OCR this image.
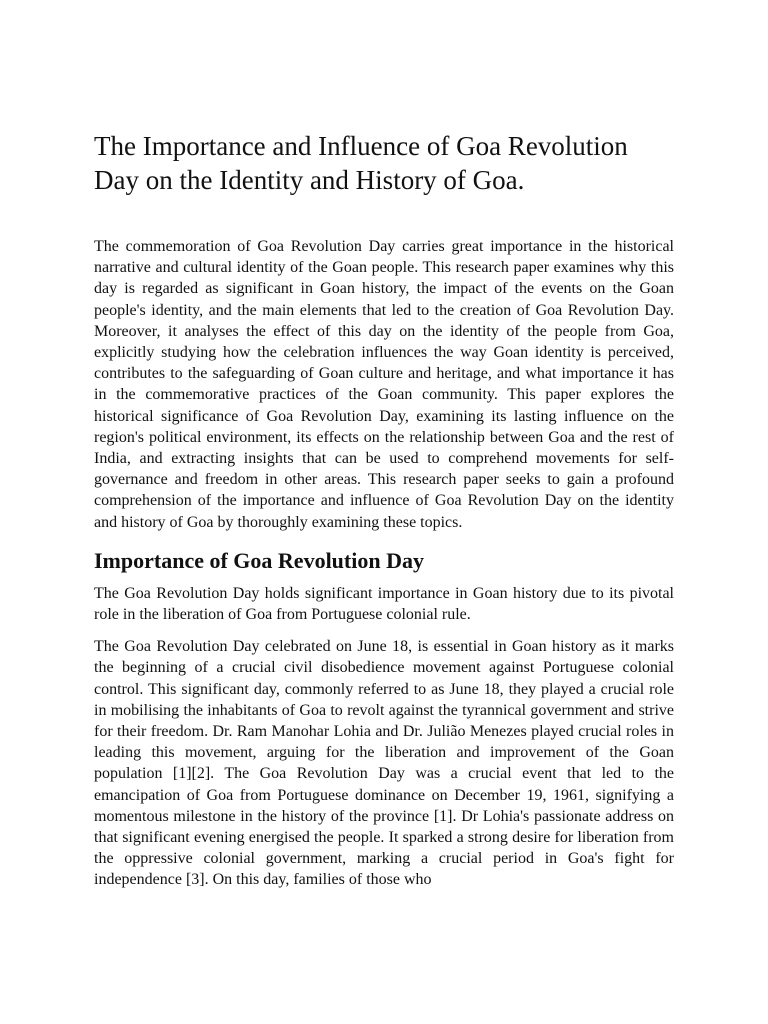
The Importance and Influence of Goa Revolution Day on the Identity and History of Goa.

The commemoration of Goa Revolution Day carries great importance in the historical narrative and cultural identity of the Goan people. This research paper examines why this day is regarded as significant in Goan history, the impact of the events on the Goan people's identity, and the main elements that led to the creation of Goa Revolution Day. Moreover, it analyses the effect of this day on the identity of the people from Goa, explicitly studying how the celebration influences the way Goan identity is perceived, contributes to the safeguarding of Goan culture and heritage, and what importance it has in the commemorative practices of the Goan community. This paper explores the historical significance of Goa Revolution Day, examining its lasting influence on the region's political environment, its effects on the relationship between Goa and the rest of India, and extracting insights that can be used to comprehend movements for self-governance and freedom in other areas. This research paper seeks to gain a profound comprehension of the importance and influence of Goa Revolution Day on the identity and history of Goa by thoroughly examining these topics.

Importance of Goa Revolution Day

The Goa Revolution Day holds significant importance in Goan history due to its pivotal role in the liberation of Goa from Portuguese colonial rule.

The Goa Revolution Day celebrated on June 18, is essential in Goan history as it marks the beginning of a crucial civil disobedience movement against Portuguese colonial control. This significant day, commonly referred to as June 18, they played a crucial role in mobilising the inhabitants of Goa to revolt against the tyrannical government and strive for their freedom. Dr. Ram Manohar Lohia and Dr. Julião Menezes played crucial roles in leading this movement, arguing for the liberation and improvement of the Goan population [1][2]. The Goa Revolution Day was a crucial event that led to the emancipation of Goa from Portuguese dominance on December 19, 1961, signifying a momentous milestone in the history of the province [1]. Dr Lohia's passionate address on that significant evening energised the people. It sparked a strong desire for liberation from the oppressive colonial government, marking a crucial period in Goa's fight for independence [3]. On this day, families of those who
